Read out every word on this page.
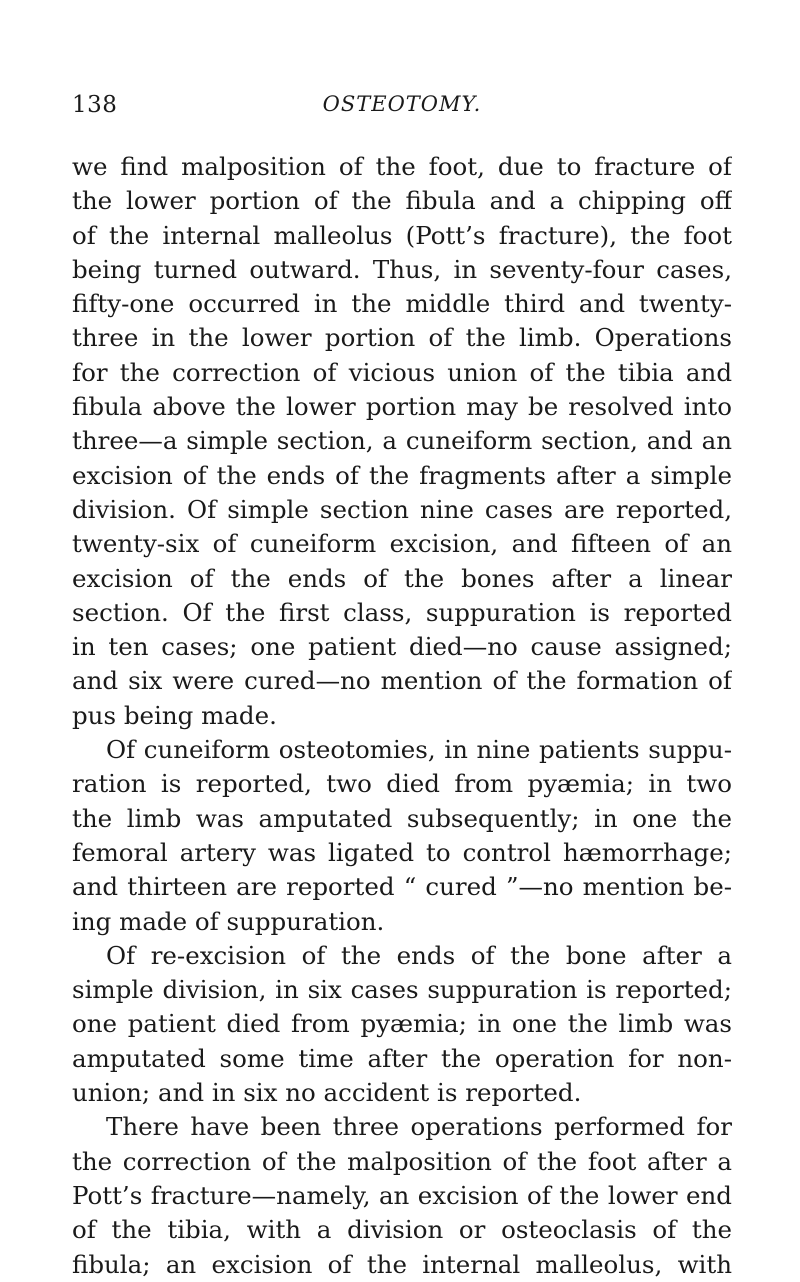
138	OSTEOTOMY.
we find malposition of the foot, due to fracture of
the lower portion of the fibula and a chipping off
of the internal malleolus (Pott’s fracture), the foot
being turned outward. Thus, in seventy-four cases,
fifty-one occurred in the middle third and twenty-
three in the lower portion of the limb. Operations
for the correction of vicious union of the tibia and
fibula above the lower portion may be resolved into
three—a simple section, a cuneiform section, and an
excision of the ends of the fragments after a simple
division. Of simple section nine cases are reported,
twenty-six of cuneiform excision, and fifteen of an
excision of the ends of the bones after a linear
section. Of the first class, suppuration is reported
in ten cases; one patient died—no cause assigned;
and six were cured—no mention of the formation of
pus being made.
Of cuneiform osteotomies, in nine patients suppu-
ration is reported, two died from pyæmia; in two
the limb was amputated subsequently; in one the
femoral artery was ligated to control hæmorrhage;
and thirteen are reported “ cured ”—no mention be-
ing made of suppuration.
Of re-excision of the ends of the bone after a
simple division, in six cases suppuration is reported;
one patient died from pyæmia; in one the limb was
amputated some time after the operation for non-
union; and in six no accident is reported.
There have been three operations performed for
the correction of the malposition of the foot after a
Pott’s fracture—namely, an excision of the lower end
of the tibia, with a division or osteoclasis of the
fibula; an excision of the internal malleolus, with
